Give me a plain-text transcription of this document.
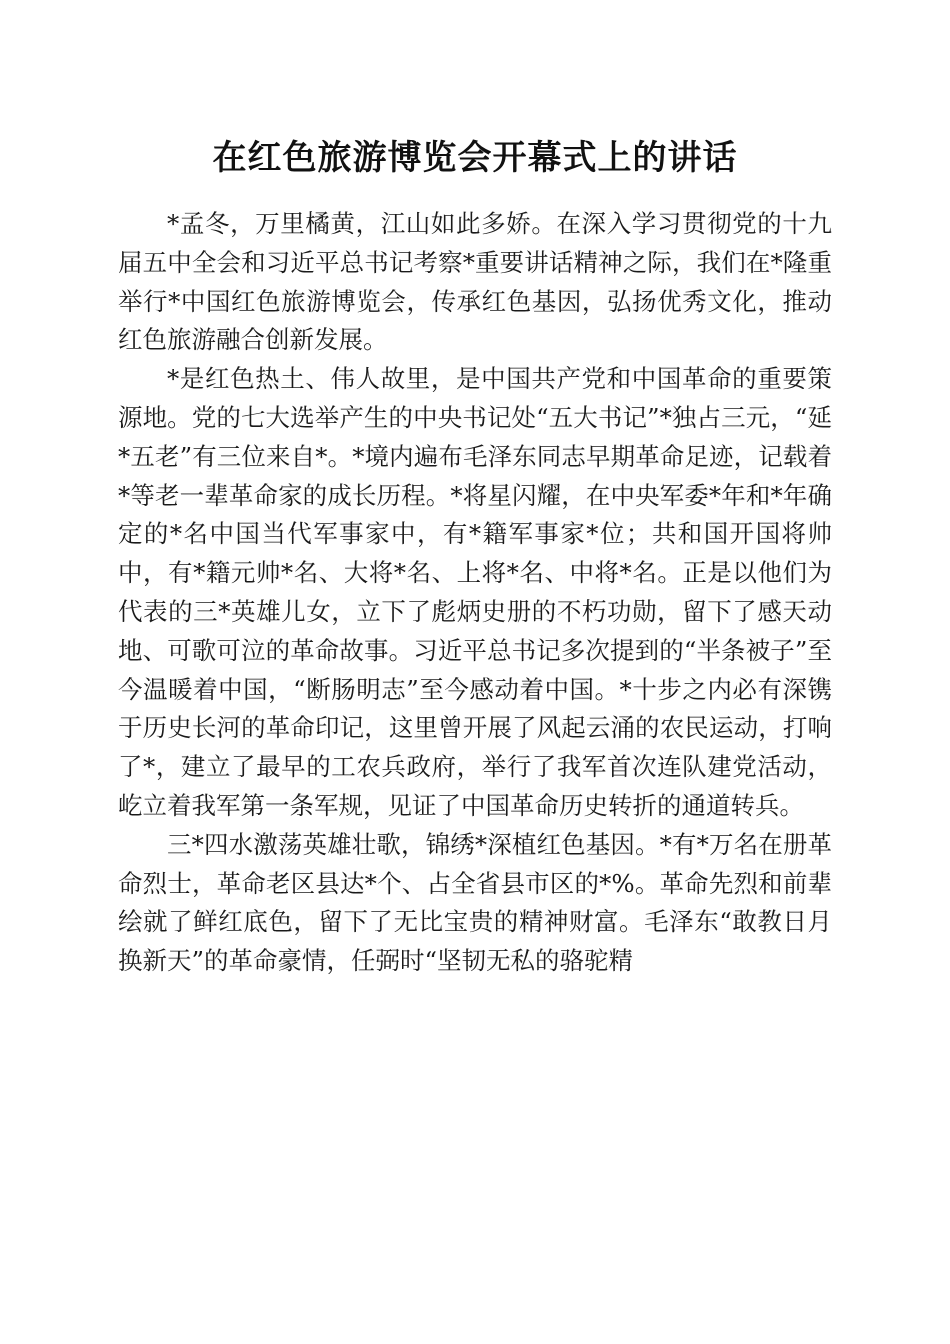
在红色旅游博览会开幕式上的讲话

*孟冬，万里橘黄，江山如此多娇。在深入学习贯彻党的十九届五中全会和习近平总书记考察*重要讲话精神之际，我们在*隆重举行*中国红色旅游博览会，传承红色基因，弘扬优秀文化，推动红色旅游融合创新发展。

*是红色热土、伟人故里，是中国共产党和中国革命的重要策源地。党的七大选举产生的中央书记处“五大书记”*独占三元，“延*五老”有三位来自*。*境内遍布毛泽东同志早期革命足迹，记载着*等老一辈革命家的成长历程。*将星闪耀，在中央军委*年和*年确定的*名中国当代军事家中，有*籍军事家*位；共和国开国将帅中，有*籍元帅*名、大将*名、上将*名、中将*名。正是以他们为代表的三*英雄儿女，立下了彪炳史册的不朽功勋，留下了感天动地、可歌可泣的革命故事。习近平总书记多次提到的“半条被子”至今温暖着中国，“断肠明志”至今感动着中国。*十步之内必有深镌于历史长河的革命印记，这里曾开展了风起云涌的农民运动，打响了*，建立了最早的工农兵政府，举行了我军首次连队建党活动，屹立着我军第一条军规，见证了中国革命历史转折的通道转兵。

三*四水激荡英雄壮歌，锦绣*深植红色基因。*有*万名在册革命烈士，革命老区县达*个、占全省县市区的*%。革命先烈和前辈绘就了鲜红底色，留下了无比宝贵的精神财富。毛泽东“敢教日月换新天”的革命豪情，任弼时“坚韧无私的骆驼精
